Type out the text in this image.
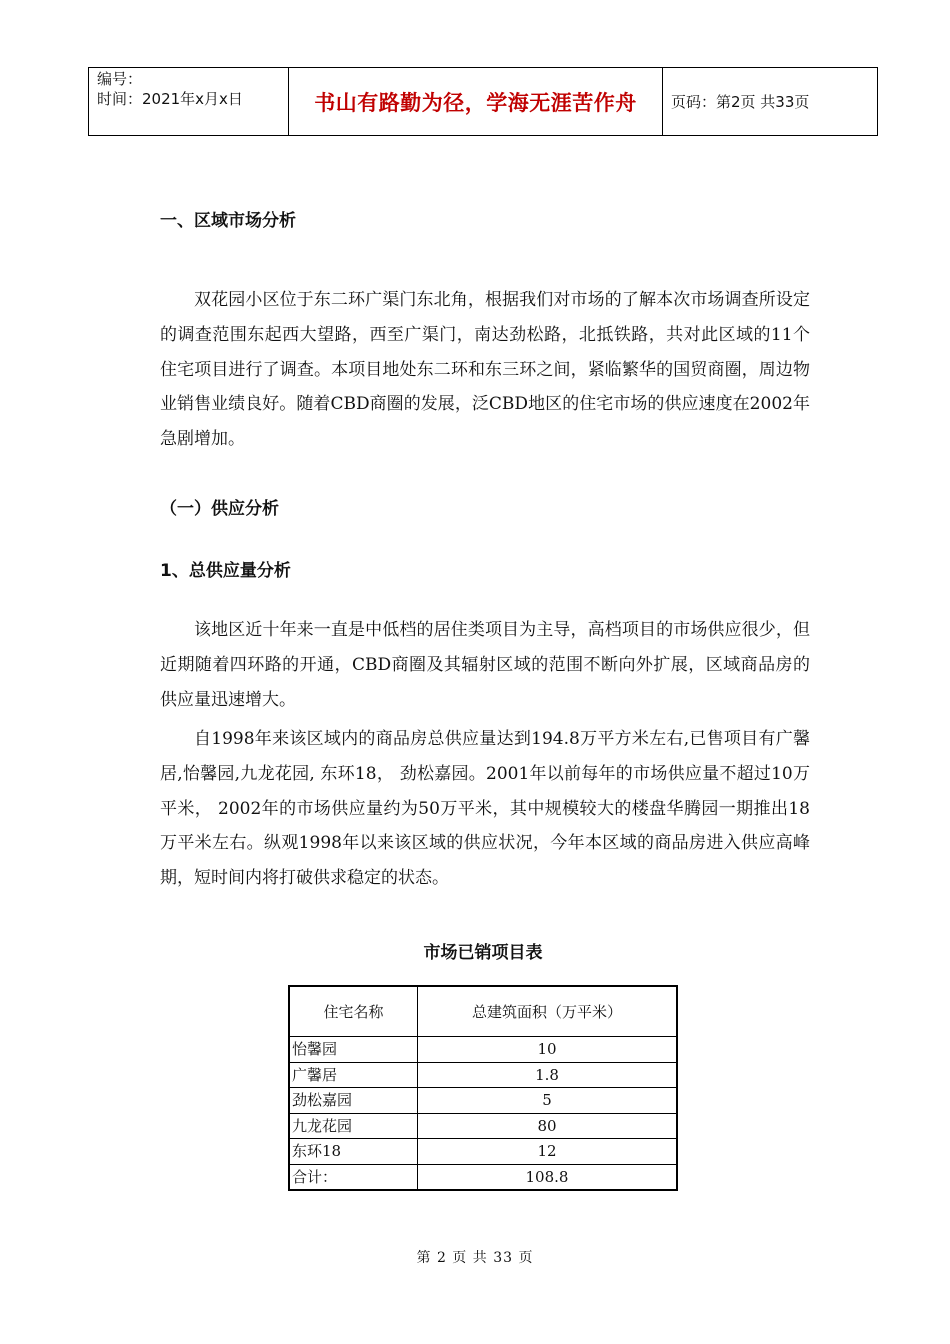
编号：
时间：2021年x月x日	书山有路勤为径，学海无涯苦作舟	页码：第2页 共33页
一、区域市场分析
双花园小区位于东二环广渠门东北角，根据我们对市场的了解本次市场调查所设定的调查范围东起西大望路，西至广渠门，南达劲松路，北抵铁路，共对此区域的11个住宅项目进行了调查。本项目地处东二环和东三环之间，紧临繁华的国贸商圈，周边物业销售业绩良好。随着CBD商圈的发展，泛CBD地区的住宅市场的供应速度在2002年急剧增加。
（一）供应分析
1、总供应量分析
该地区近十年来一直是中低档的居住类项目为主导，高档项目的市场供应很少，但近期随着四环路的开通，CBD商圈及其辐射区域的范围不断向外扩展，区域商品房的供应量迅速增大。
自1998年来该区域内的商品房总供应量达到194.8万平方米左右,已售项目有广馨居,怡馨园,九龙花园, 东环18， 劲松嘉园。2001年以前每年的市场供应量不超过10万平米， 2002年的市场供应量约为50万平米，其中规模较大的楼盘华腾园一期推出18万平米左右。纵观1998年以来该区域的供应状况，今年本区域的商品房进入供应高峰期，短时间内将打破供求稳定的状态。
市场已销项目表
住宅名称	总建筑面积（万平米）
怡馨园	10
广馨居	1.8
劲松嘉园	5
九龙花园	80
东环18	12
合计：	108.8
第 2 页 共 33 页
